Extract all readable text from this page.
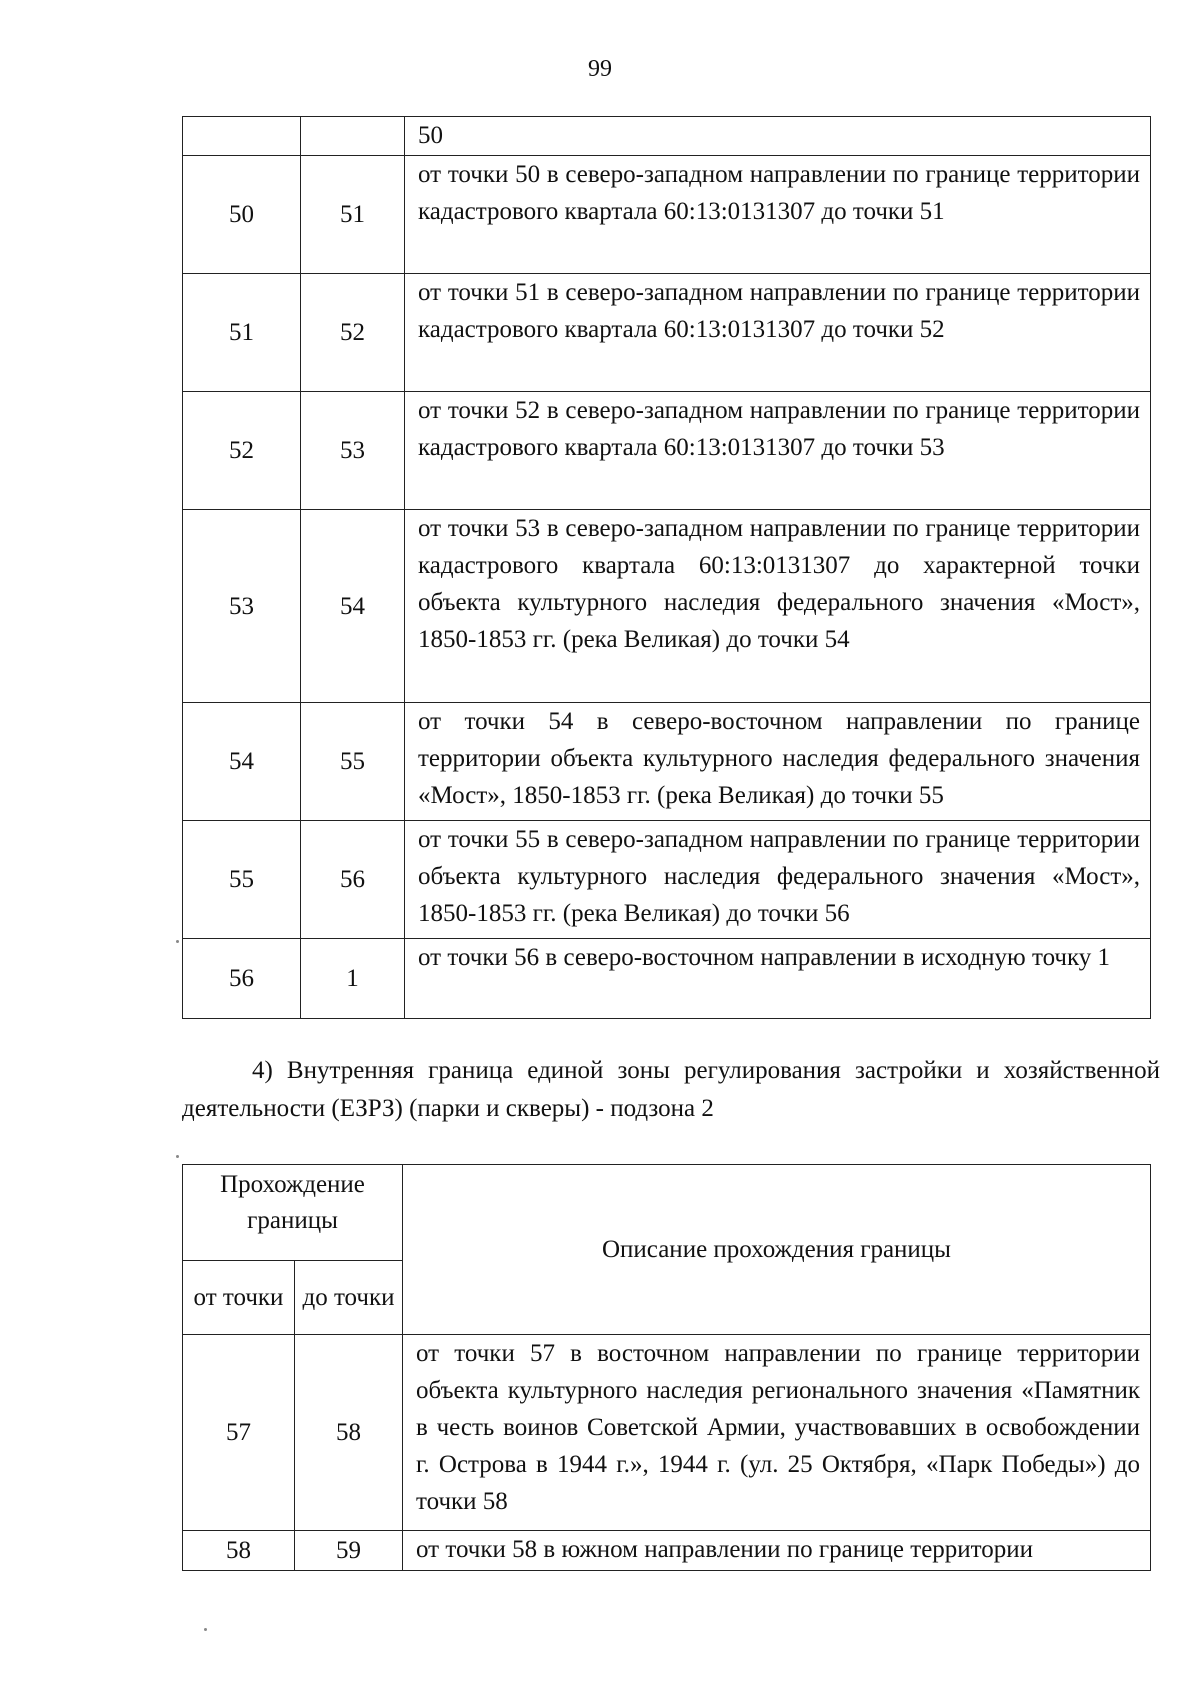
99
		50
50	51	от точки 50 в северо-западном направлении по границе территории кадастрового квартала 60:13:0131307 до точки 51
51	52	от точки 51 в северо-западном направлении по границе территории кадастрового квартала 60:13:0131307 до точки 52
52	53	от точки 52 в северо-западном направлении по границе территории кадастрового квартала 60:13:0131307 до точки 53
53	54	от точки 53 в северо-западном направлении по границе территории кадастрового квартала 60:13:0131307 до характерной точки объекта культурного наследия федерального значения «Мост», 1850-1853 гг. (река Великая) до точки 54
54	55	от точки 54 в северо-восточном направлении по границе территории объекта культурного наследия федерального значения «Мост», 1850-1853 гг. (река Великая) до точки 55
55	56	от точки 55 в северо-западном направлении по границе территории объекта культурного наследия федерального значения «Мост», 1850-1853 гг. (река Великая) до точки 56
56	1	от точки 56 в северо-восточном направлении в исходную точку 1
4) Внутренняя граница единой зоны регулирования застройки и хозяйственной деятельности (ЕЗРЗ) (парки и скверы) - подзона 2
Прохождение границы		Описание прохождения границы
от точки	до точки	
57	58	от точки 57 в восточном направлении по границе территории объекта культурного наследия регионального значения «Памятник в честь воинов Советской Армии, участвовавших в освобождении г. Острова в 1944 г.», 1944 г. (ул. 25 Октября, «Парк Победы») до точки 58
58	59	от точки 58 в южном направлении по границе территории
